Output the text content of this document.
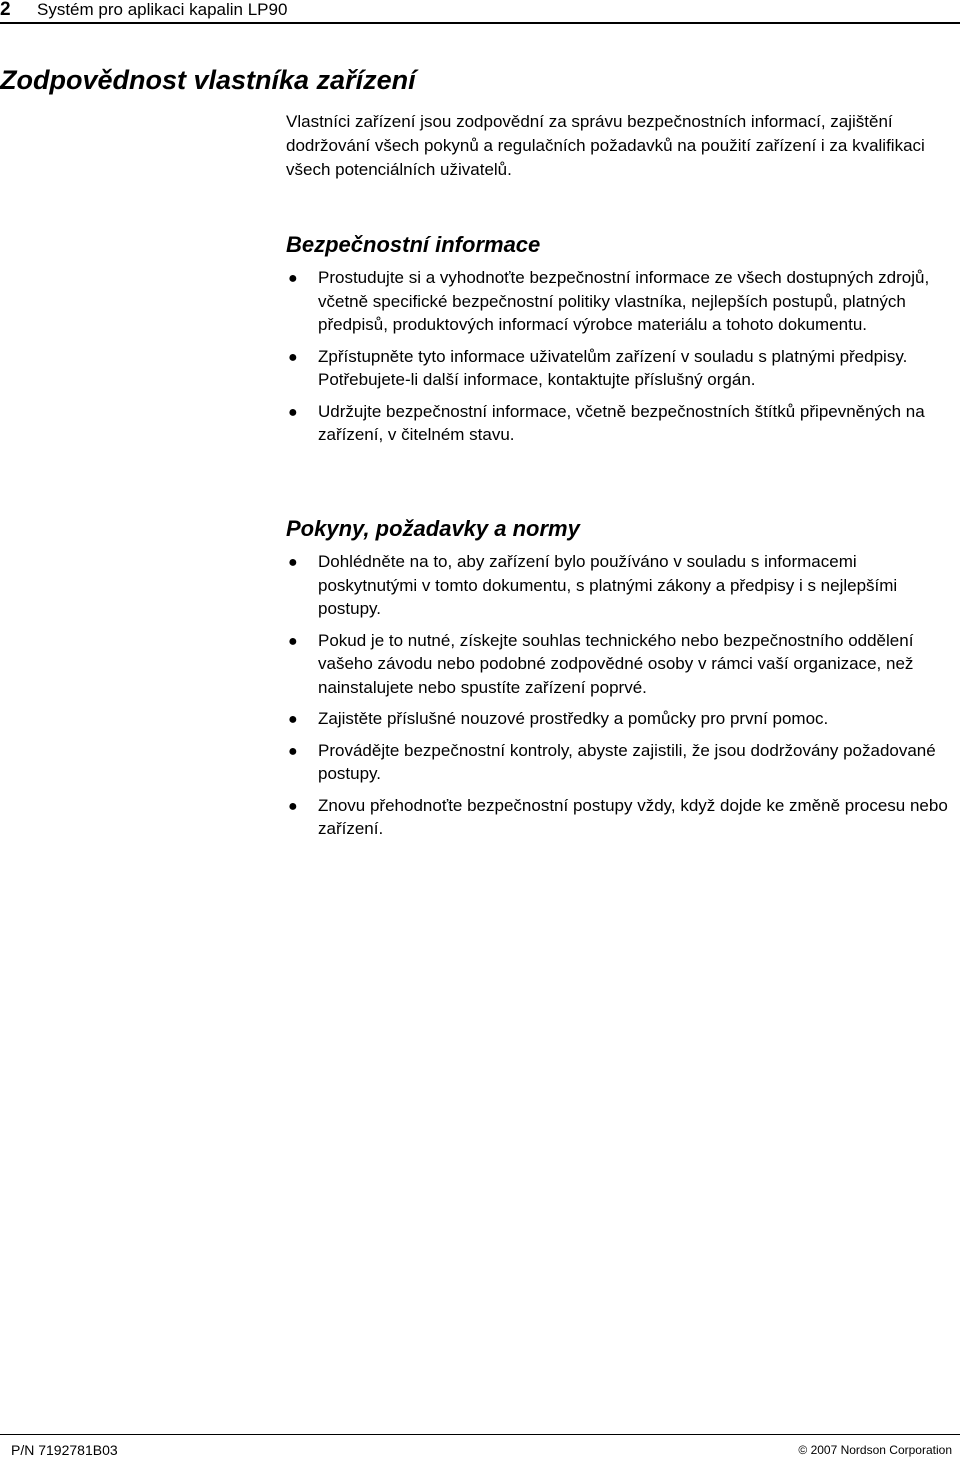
2 Systém pro aplikaci kapalin LP90
Zodpovědnost vlastníka zařízení

Vlastníci zařízení jsou zodpovědní za správu bezpečnostních informací, zajištění dodržování všech pokynů a regulačních požadavků na použití zařízení i za kvalifikaci všech potenciálních uživatelů.

Bezpečnostní informace
● Prostudujte si a vyhodnoťte bezpečnostní informace ze všech dostupných zdrojů, včetně specifické bezpečnostní politiky vlastníka, nejlepších postupů, platných předpisů, produktových informací výrobce materiálu a tohoto dokumentu.
● Zpřístupněte tyto informace uživatelům zařízení v souladu s platnými předpisy. Potřebujete-li další informace, kontaktujte příslušný orgán.
● Udržujte bezpečnostní informace, včetně bezpečnostních štítků připevněných na zařízení, v čitelném stavu.
Pokyny, požadavky a normy
● Dohlédněte na to, aby zařízení bylo používáno v souladu s informacemi poskytnutými v tomto dokumentu, s platnými zákony a předpisy i s nejlepšími postupy.
● Pokud je to nutné, získejte souhlas technického nebo bezpečnostního oddělení vašeho závodu nebo podobné zodpovědné osoby v rámci vaší organizace, než nainstalujete nebo spustíte zařízení poprvé.
● Zajistěte příslušné nouzové prostředky a pomůcky pro první pomoc.
● Provádějte bezpečnostní kontroly, abyste zajistili, že jsou dodržovány požadované postupy.
● Znovu přehodnoťte bezpečnostní postupy vždy, když dojde ke změně procesu nebo zařízení.
P/N 7192781B03	© 2007 Nordson Corporation
